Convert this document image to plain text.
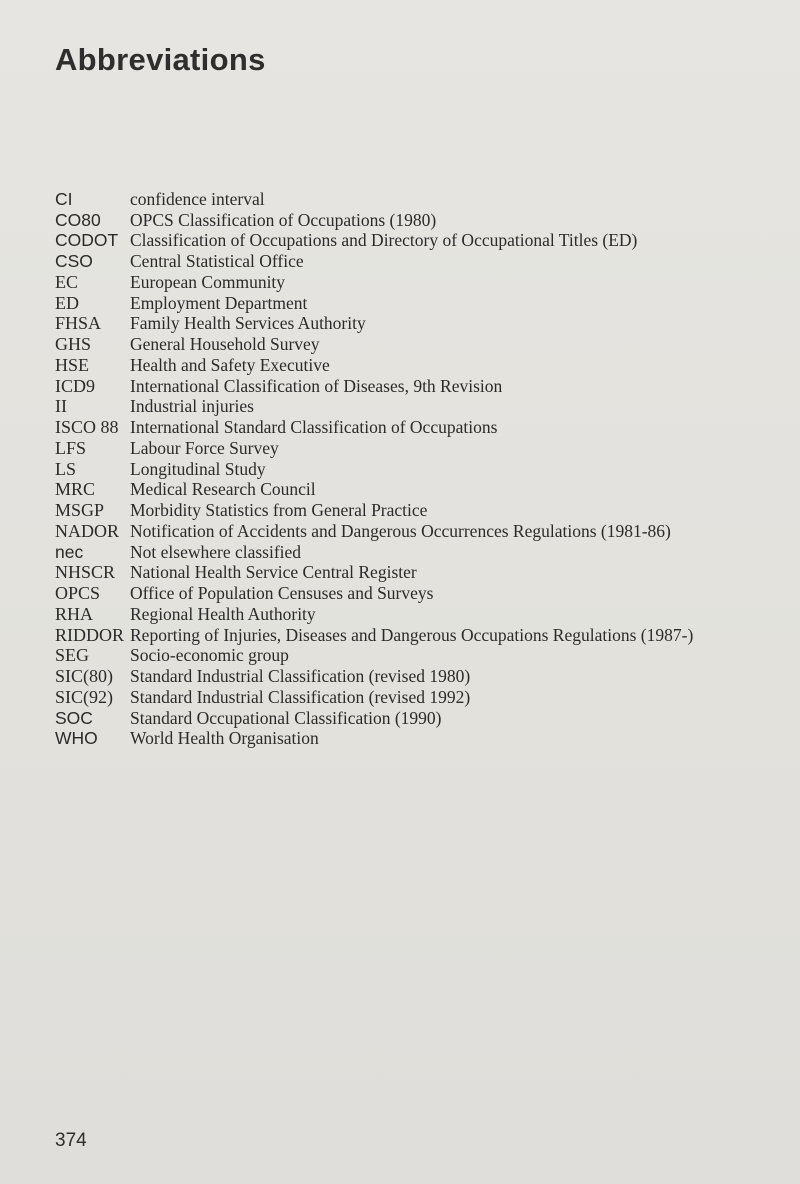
Abbreviations
CI	confidence interval
CO80	OPCS Classification of Occupations (1980)
CODOT Classification of Occupations and Directory of Occupational Titles (ED)
CSO	Central Statistical Office
EC	European Community
ED	Employment Department
FHSA	Family Health Services Authority
GHS	General Household Survey
HSE	Health and Safety Executive
ICD9	International Classification of Diseases, 9th Revision
II	Industrial injuries
ISCO 88 International Standard Classification of Occupations
LFS	Labour Force Survey
LS	Longitudinal Study
MRC	Medical Research Council
MSGP	Morbidity Statistics from General Practice
NADOR Notification of Accidents and Dangerous Occurrences Regulations (1981-86)
nec	Not elsewhere classified
NHSCR National Health Service Central Register
OPCS	Office of Population Censuses and Surveys
RHA	Regional Health Authority
RIDDOR Reporting of Injuries, Diseases and Dangerous Occupations Regulations (1987-)
SEG	Socio-economic group
SIC(80) Standard Industrial Classification (revised 1980)
SIC(92) Standard Industrial Classification (revised 1992)
SOC	Standard Occupational Classification (1990)
WHO	World Health Organisation
374
